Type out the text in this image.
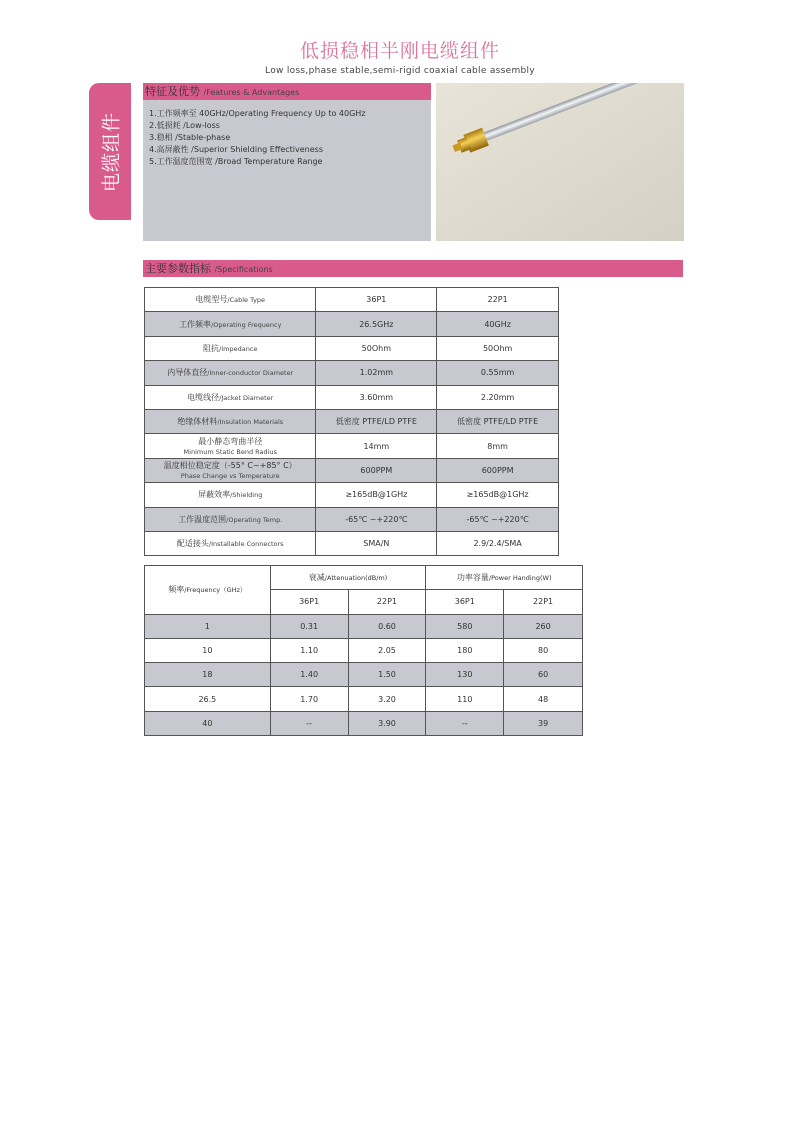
低损稳相半刚电缆组件
Low loss,phase stable,semi-rigid coaxial cable assembly
电缆组件
特征及优势 /Features & Advantages
1.工作频率至 40GHz/Operating Frequency Up to 40GHz
2.低损耗 /Low-loss
3.稳相 /Stable-phase
4.高屏蔽性 /Superior Shielding Effectiveness
5.工作温度范围宽 /Broad Temperature Range
主要参数指标 /Specifications
电缆型号/Cable Type	36P1	22P1
工作频率/Operating Frequency	26.5GHz	40GHz
阻抗/Impedance	50Ohm	50Ohm
内导体直径/Inner-conductor Diameter	1.02mm	0.55mm
电缆线径/Jacket Diameter	3.60mm	2.20mm
绝缘体材料/Insulation Materials	低密度 PTFE/LD PTFE	低密度 PTFE/LD PTFE
最小静态弯曲半径
Minimum Static Bend Radius	14mm	8mm
温度相位稳定度（-55° C~+85° C）
Phase Change vs Temperature	600PPM	600PPM
屏蔽效率/Shielding	≥165dB@1GHz	≥165dB@1GHz
工作温度范围/Operating Temp.	-65℃ ~+220℃	-65℃ ~+220℃
配适接头/Installable Connectors	SMA/N	2.9/2.4/SMA
频率/Frequency（GHz）	衰减/Attenuation(dB/m)		功率容量/Power Handing(W)	
	36P1	22P1	36P1	22P1
1	0.31	0.60	580	260
10	1.10	2.05	180	80
18	1.40	1.50	130	60
26.5	1.70	3.20	110	48
40	--	3.90	--	39
